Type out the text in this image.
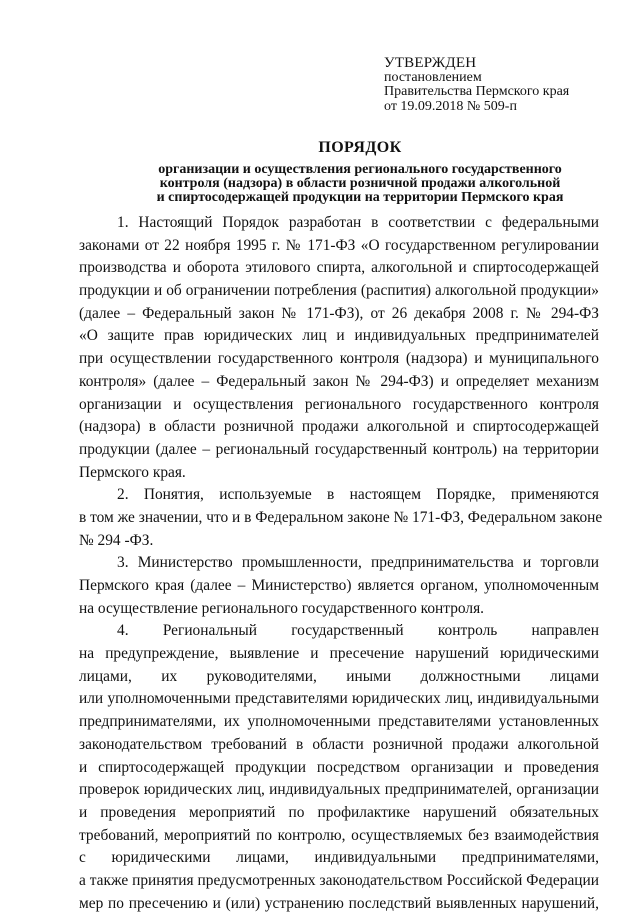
УТВЕРЖДЕН
постановлением
Правительства Пермского края
от 19.09.2018 № 509-п
ПОРЯДОК
организации и осуществления регионального государственного
контроля (надзора) в области розничной продажи алкогольной
и спиртосодержащей продукции на территории Пермского края
1. Настоящий Порядок разработан в соответствии с федеральными
законами от 22 ноября 1995 г. № 171-ФЗ «О государственном регулировании
производства и оборота этилового спирта, алкогольной и спиртосодержащей
продукции и об ограничении потребления (распития) алкогольной продукции»
(далее – Федеральный закон № 171-ФЗ), от 26 декабря 2008 г. № 294-ФЗ
«О защите прав юридических лиц и индивидуальных предпринимателей
при осуществлении государственного контроля (надзора) и муниципального
контроля» (далее – Федеральный закон № 294-ФЗ) и определяет механизм
организации и осуществления регионального государственного контроля
(надзора) в области розничной продажи алкогольной и спиртосодержащей
продукции (далее – региональный государственный контроль) на территории
Пермского края.
2. Понятия, используемые в настоящем Порядке, применяются
в том же значении, что и в Федеральном законе № 171-ФЗ, Федеральном законе
№ 294 -ФЗ.
3. Министерство промышленности, предпринимательства и торговли
Пермского края (далее – Министерство) является органом, уполномоченным
на осуществление регионального государственного контроля.
4. Региональный государственный контроль направлен
на предупреждение, выявление и пресечение нарушений юридическими
лицами, их руководителями, иными должностными лицами
или уполномоченными представителями юридических лиц, индивидуальными
предпринимателями, их уполномоченными представителями установленных
законодательством требований в области розничной продажи алкогольной
и спиртосодержащей продукции посредством организации и проведения
проверок юридических лиц, индивидуальных предпринимателей, организации
и проведения мероприятий по профилактике нарушений обязательных
требований, мероприятий по контролю, осуществляемых без взаимодействия
с юридическими лицами, индивидуальными предпринимателями,
а также принятия предусмотренных законодательством Российской Федерации
мер по пресечению и (или) устранению последствий выявленных нарушений,
